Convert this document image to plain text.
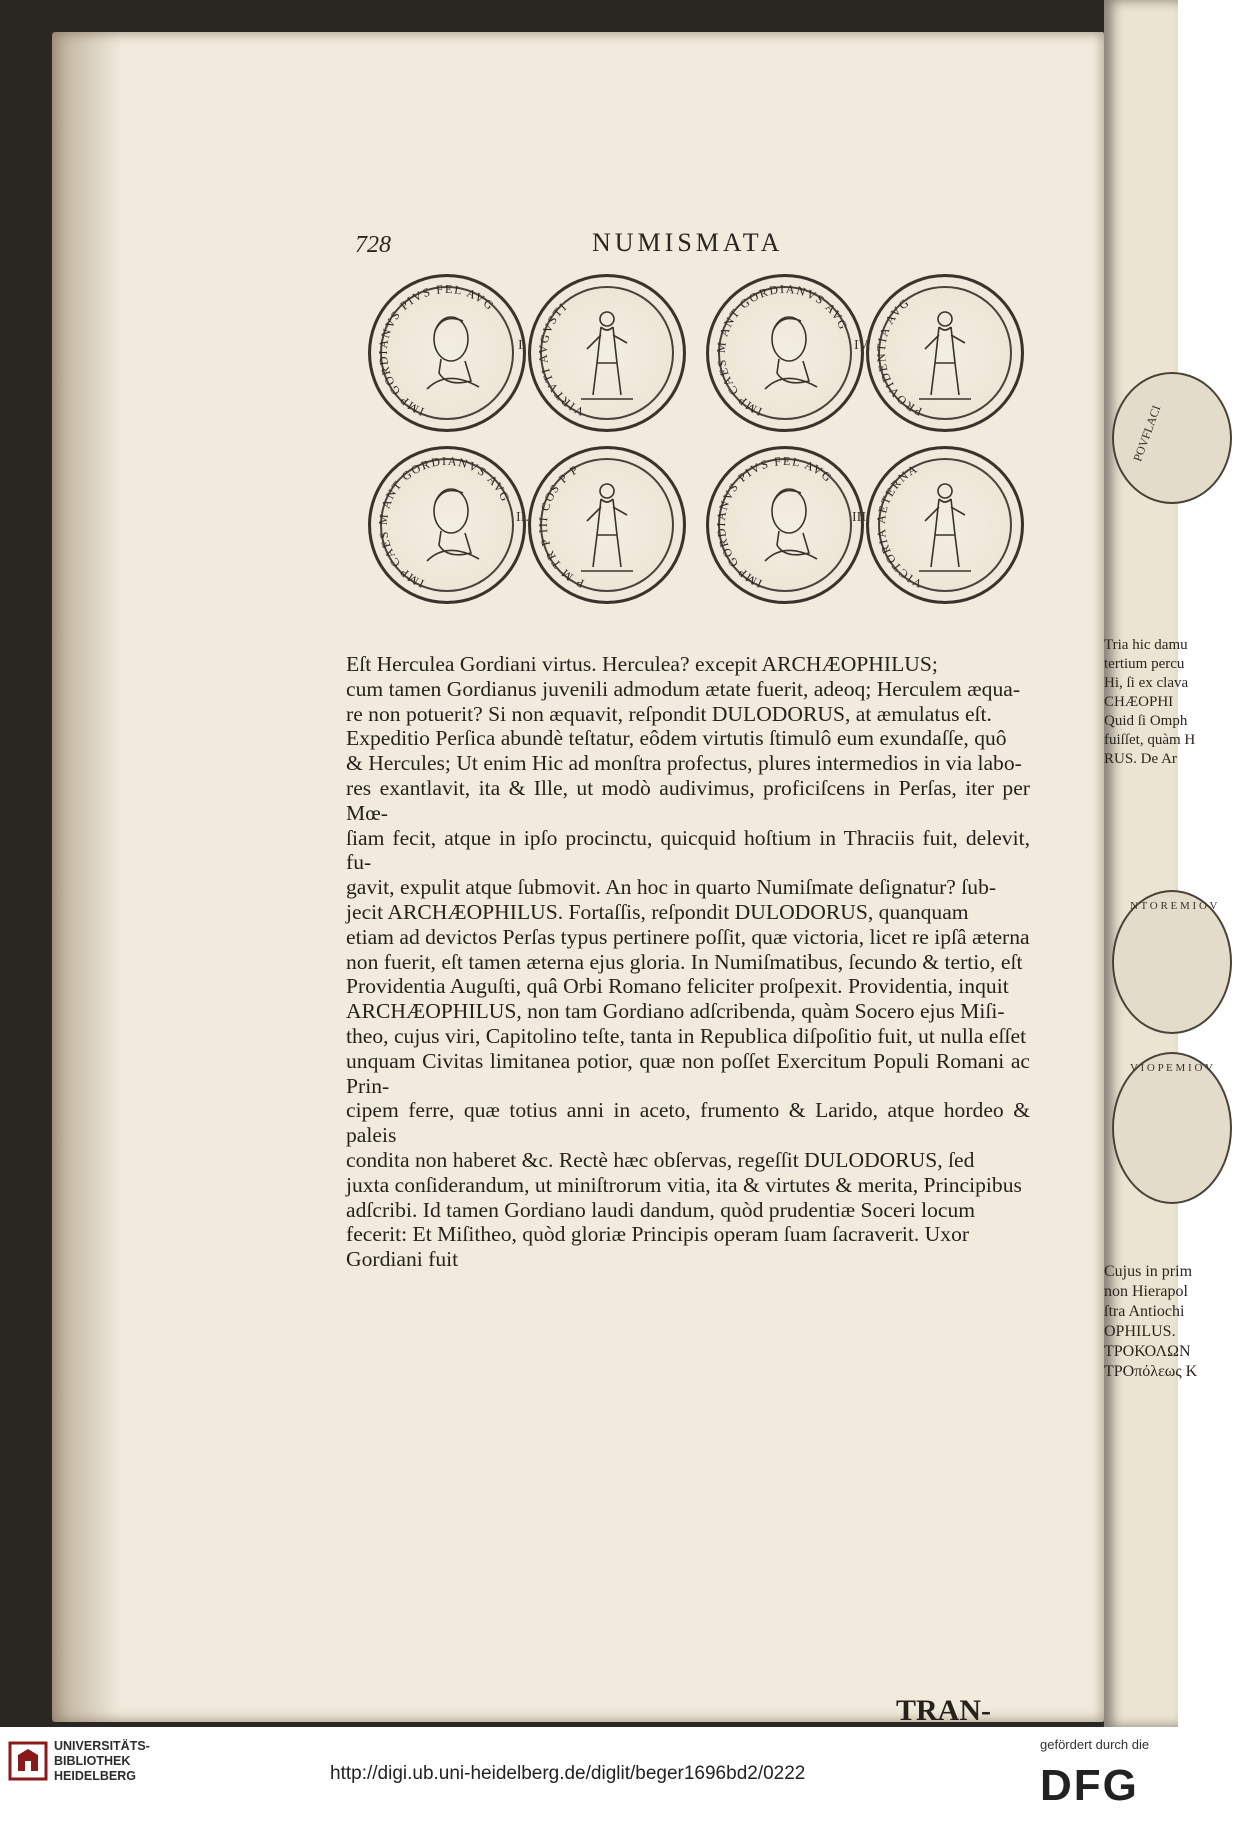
POVFLACI
Tria hic damu
tertium percu
Hi, ſi ex clava
CHÆOPHI
Quid ſi Omph
fuiſſet, quàm H
RUS. De Ar
N T O R E M I O V
V I O P E M I O V
Cujus in prim
non Hierapol
ſtra Antiochi
OPHILUS.
ΤΡΟΚΟΛΩΝ
ΤΡΟπόλεως Κ
728	NUMISMATA
IMP GORDIANVS PIVS FEL AVG
VIRTVTI AVGVSTI
IMP CAES M ANT GORDIANVS AVG
PROVIDENTIA AVG
IMP CAES M ANT GORDIANVS AVG
P M TR P III COS P P
IMP GORDIANVS PIVS FEL AVG
VICTORIA AETERNA
I.	IV.
II.	III.

Eſt Herculea Gordiani virtus. Herculea? excepit ARCHÆOPHILUS;

cum tamen Gordianus juvenili admodum ætate fuerit, adeoq; Herculem æqua-

re non potuerit? Si non æquavit, reſpondit DULODORUS, at æmulatus eſt.

Expeditio Perſica abundè teſtatur, eôdem virtutis ſtimulô eum exundaſſe, quô

& Hercules; Ut enim Hic ad monſtra profectus, plures intermedios in via labo-

res exantlavit, ita & Ille, ut modò audivimus, proficiſcens in Perſas, iter per Mœ-

ſiam fecit, atque in ipſo procinctu, quicquid hoſtium in Thraciis fuit, delevit, fu-

gavit, expulit atque ſubmovit. An hoc in quarto Numiſmate deſignatur? ſub-

jecit ARCHÆOPHILUS. Fortaſſis, reſpondit DULODORUS, quanquam

etiam ad devictos Perſas typus pertinere poſſit, quæ victoria, licet re ipſâ æterna

non fuerit, eſt tamen æterna ejus gloria. In Numiſmatibus, ſecundo & tertio, eſt

Providentia Auguſti, quâ Orbi Romano feliciter proſpexit. Providentia, inquit

ARCHÆOPHILUS, non tam Gordiano adſcribenda, quàm Socero ejus Miſi-

theo, cujus viri, Capitolino teſte, tanta in Republica diſpoſitio fuit, ut nulla eſſet

unquam Civitas limitanea potior, quæ non poſſet Exercitum Populi Romani ac Prin-

cipem ferre, quæ totius anni in aceto, frumento & Larido, atque hordeo & paleis

condita non haberet &c. Rectè hæc obſervas, regeſſit DULODORUS, ſed

juxta conſiderandum, ut miniſtrorum vitia, ita & virtutes & merita, Principibus

adſcribi. Id tamen Gordiano laudi dandum, quòd prudentiæ Soceri locum

fecerit: Et Miſitheo, quòd gloriæ Principis operam ſuam ſacraverit. Uxor

Gordiani fuit

TRAN-
UNIVERSITÄTS-
BIBLIOTHEK
HEIDELBERG	http://digi.ub.uni-heidelberg.de/diglit/beger1696bd2/0222
gefördert durch die
DFG
